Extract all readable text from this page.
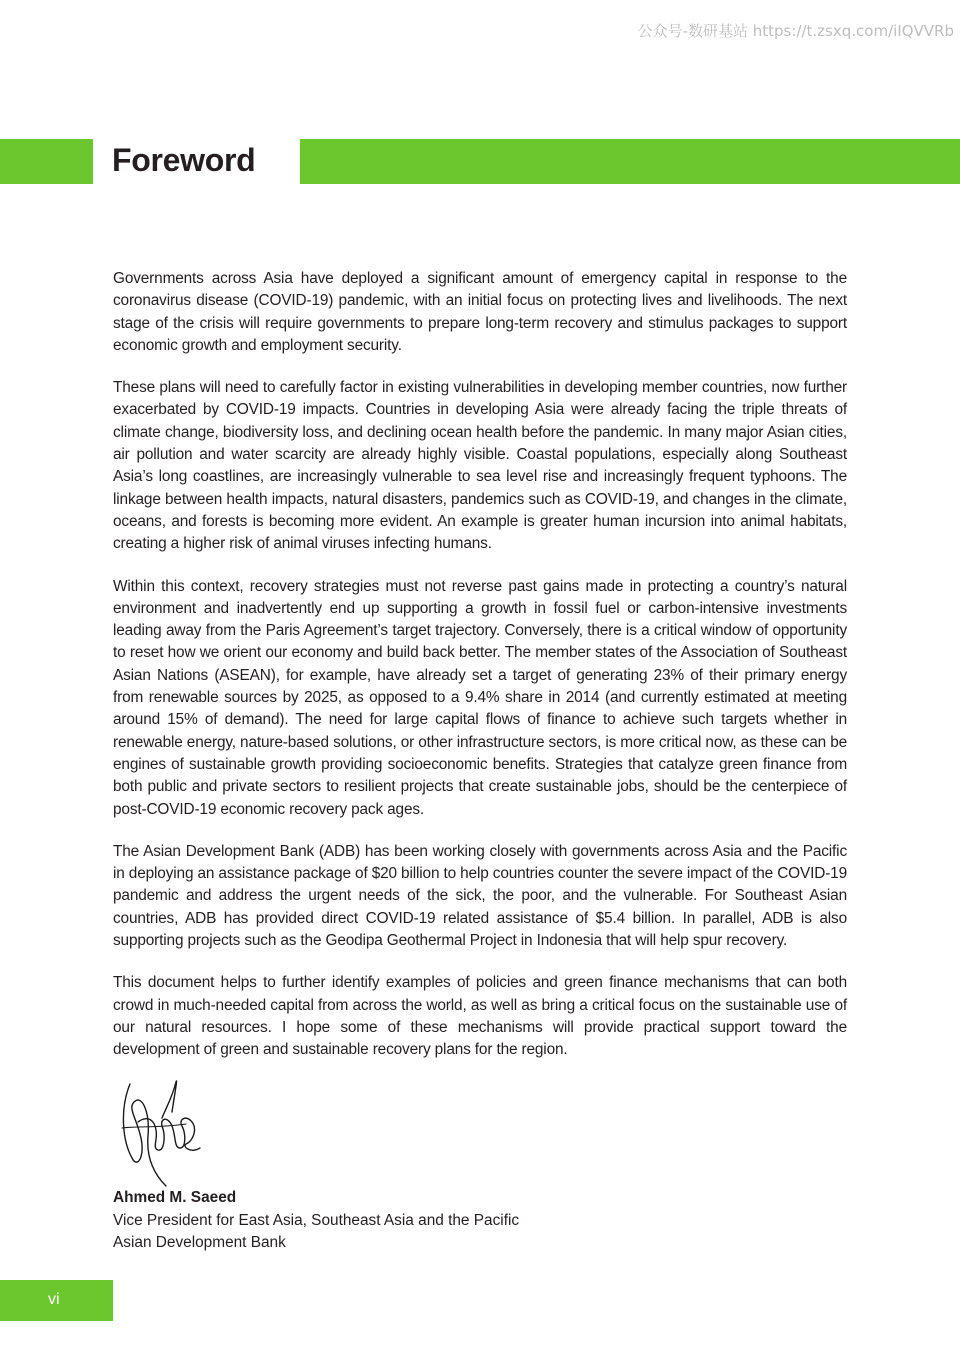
公众号-数研基站 https://t.zsxq.com/iIQVVRb
Foreword

Governments across Asia have deployed a significant amount of emergency capital in response to the coronavirus disease (COVID-19) pandemic, with an initial focus on protecting lives and livelihoods. The next stage of the crisis will require governments to prepare long-term recovery and stimulus packages to support economic growth and employment security.

These plans will need to carefully factor in existing vulnerabilities in developing member countries, now further exacerbated by COVID-19 impacts. Countries in developing Asia were already facing the triple threats of climate change, biodiversity loss, and declining ocean health before the pandemic. In many major Asian cities, air pollution and water scarcity are already highly visible. Coastal populations, especially along Southeast Asia’s long coastlines, are increasingly vulnerable to sea level rise and increasingly frequent typhoons. The linkage between health impacts, natural disasters, pandemics such as COVID-19, and changes in the climate, oceans, and forests is becoming more evident. An example is greater human incursion into animal habitats, creating a higher risk of animal viruses infecting humans.

Within this context, recovery strategies must not reverse past gains made in protecting a country’s natural environment and inadvertently end up supporting a growth in fossil fuel or carbon-intensive investments leading away from the Paris Agreement’s target trajectory. Conversely, there is a critical window of opportunity to reset how we orient our economy and build back better. The member states of the Association of Southeast Asian Nations (ASEAN), for example, have already set a target of generating 23% of their primary energy from renewable sources by 2025, as opposed to a 9.4% share in 2014 (and currently estimated at meeting around 15% of demand). The need for large capital flows of finance to achieve such targets whether in renewable energy, nature-based solutions, or other infrastructure sectors, is more critical now, as these can be engines of sustainable growth providing socioeconomic benefits. Strategies that catalyze green finance from both public and private sectors to resilient projects that create sustainable jobs, should be the centerpiece of post-COVID-19 economic recovery pack ages.

The Asian Development Bank (ADB) has been working closely with governments across Asia and the Pacific in deploying an assistance package of $20 billion to help countries counter the severe impact of the COVID-19 pandemic and address the urgent needs of the sick, the poor, and the vulnerable. For Southeast Asian countries, ADB has provided direct COVID-19 related assistance of $5.4 billion. In parallel, ADB is also supporting projects such as the Geodipa Geothermal Project in Indonesia that will help spur recovery.

This document helps to further identify examples of policies and green finance mechanisms that can both crowd in much-needed capital from across the world, as well as bring a critical focus on the sustainable use of our natural resources. I hope some of these mechanisms will provide practical support toward the development of green and sustainable recovery plans for the region.

Ahmed M. Saeed
Vice President for East Asia, Southeast Asia and the Pacific
Asian Development Bank
vi
